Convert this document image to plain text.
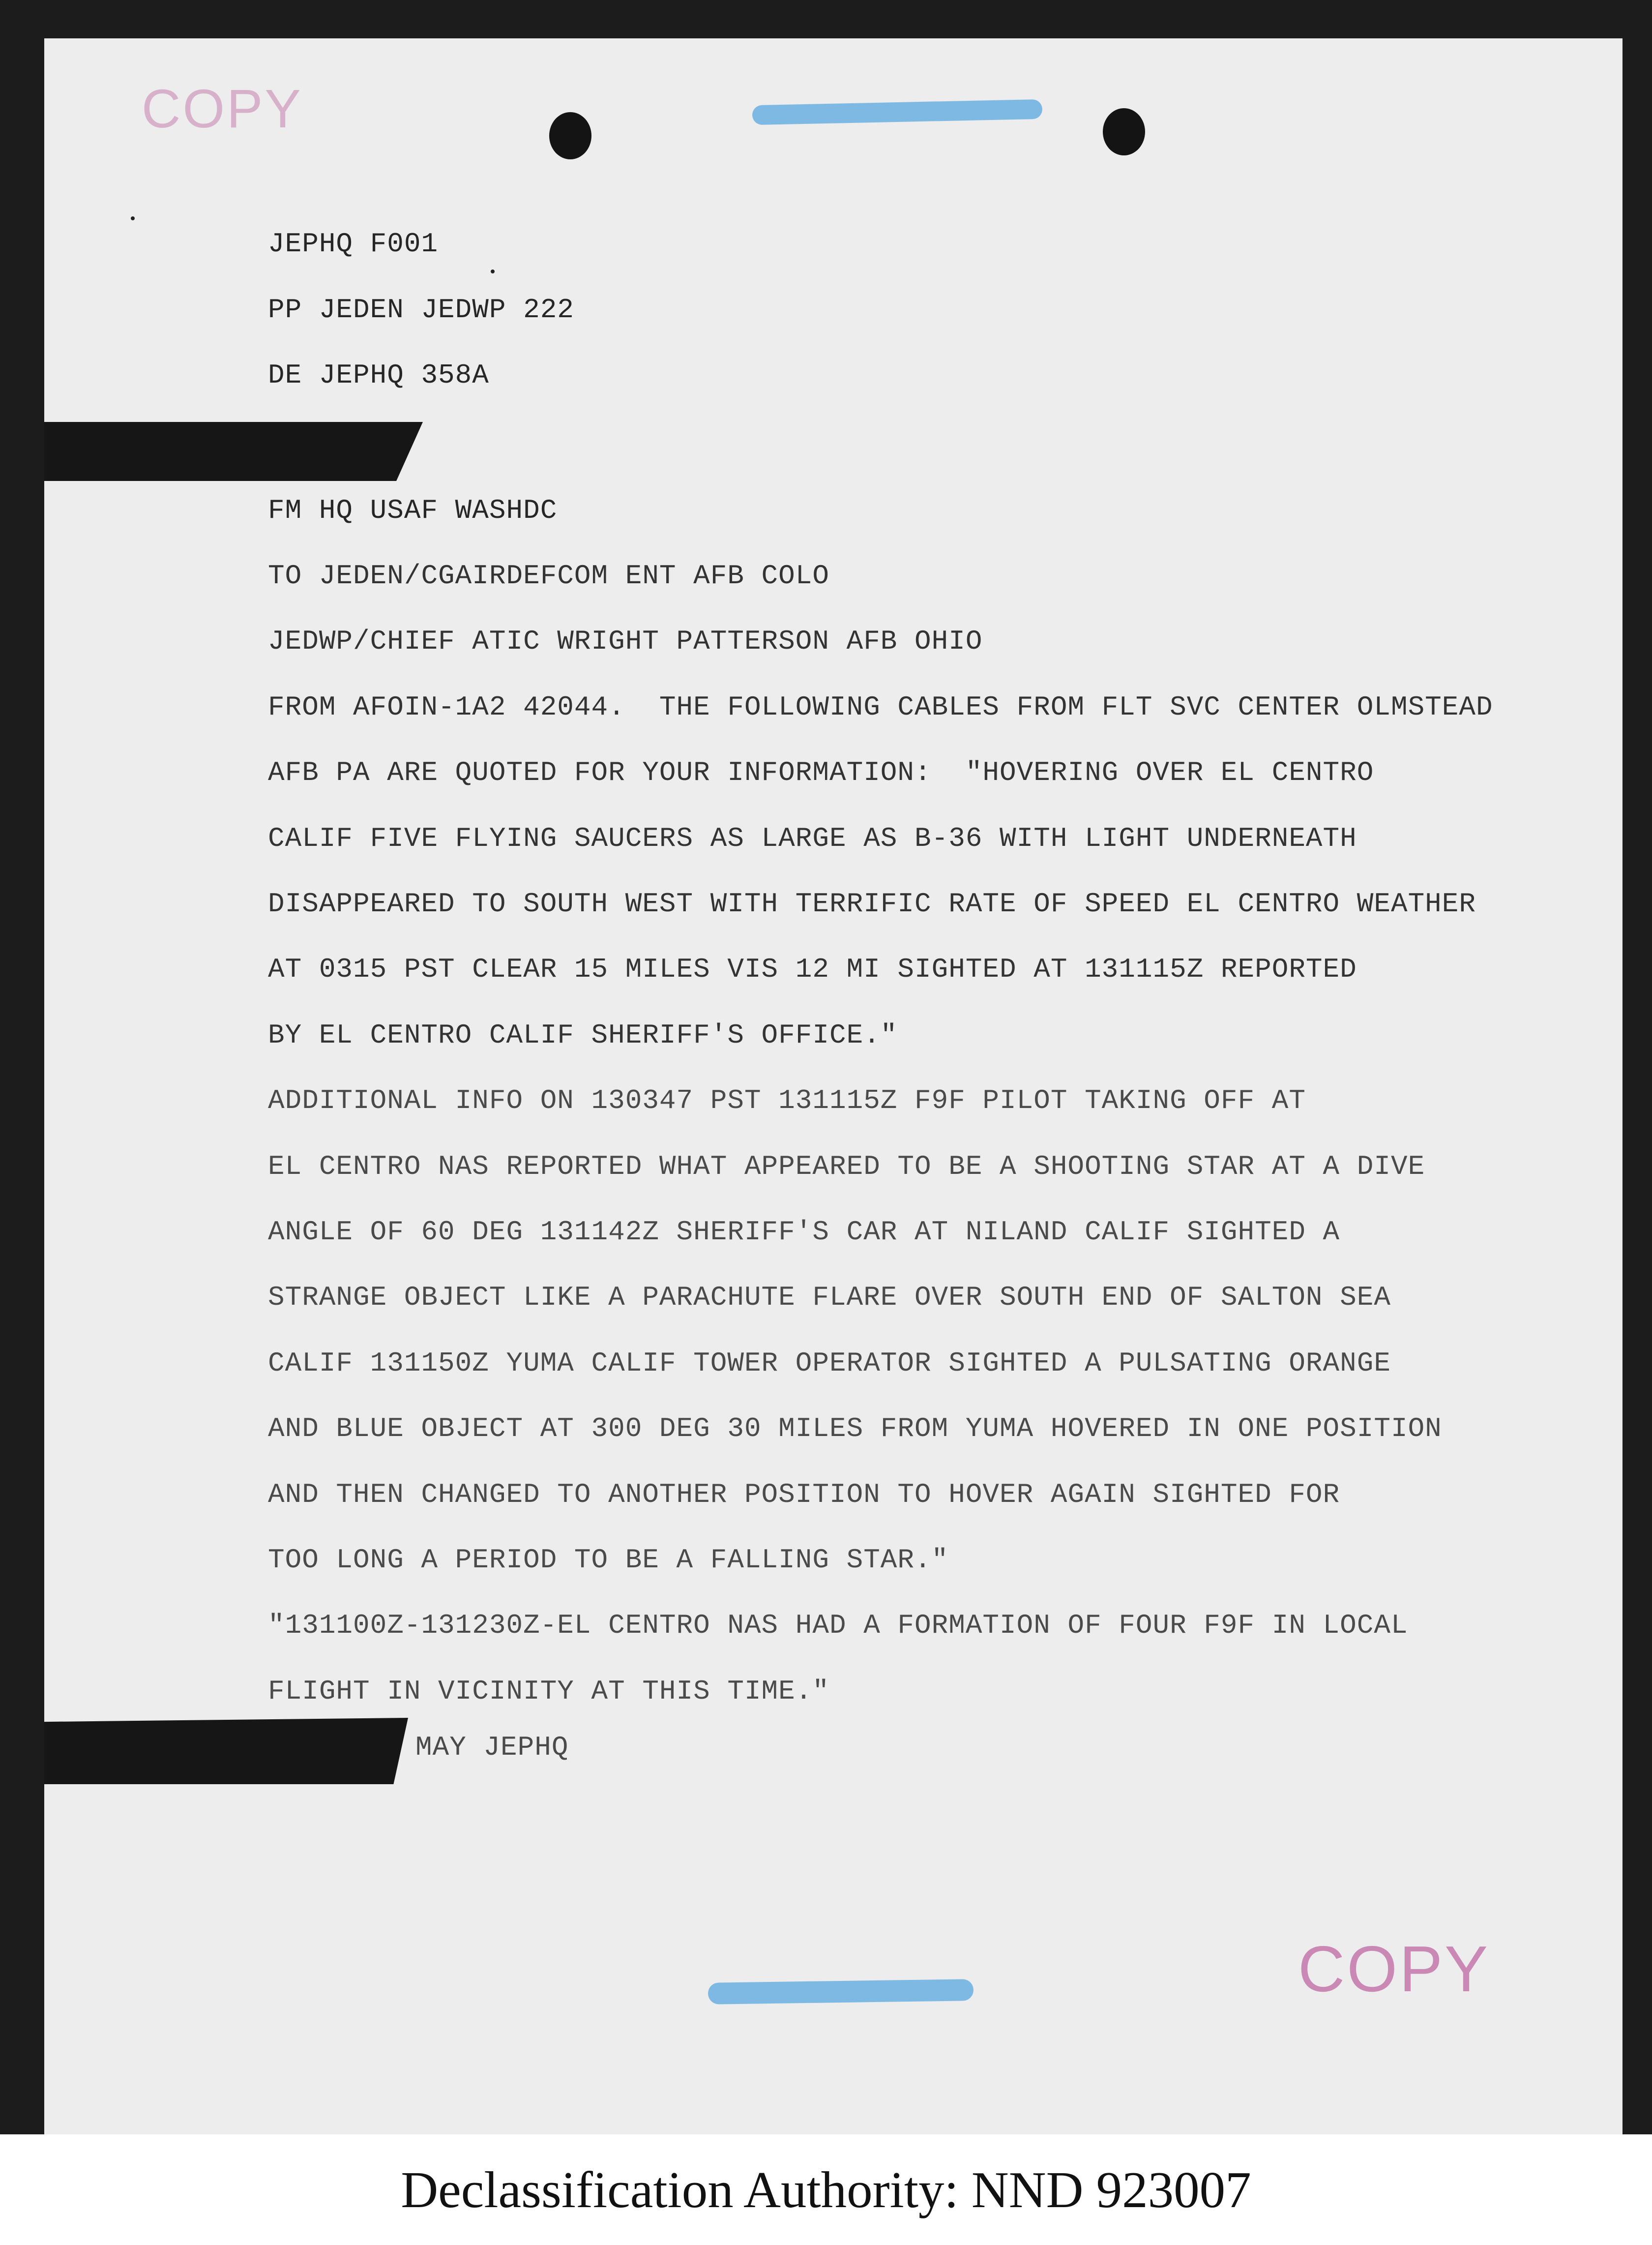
COPY
JEPHQ F001
PP JEDEN JEDWP 222
DE JEPHQ 358A
FM HQ USAF WASHDC
TO JEDEN/CGAIRDEFCOM ENT AFB COLO
JEDWP/CHIEF ATIC WRIGHT PATTERSON AFB OHIO
FROM AFOIN-1A2 42044.  THE FOLLOWING CABLES FROM FLT SVC CENTER OLMSTEAD
AFB PA ARE QUOTED FOR YOUR INFORMATION:  "HOVERING OVER EL CENTRO
CALIF FIVE FLYING SAUCERS AS LARGE AS B-36 WITH LIGHT UNDERNEATH
DISAPPEARED TO SOUTH WEST WITH TERRIFIC RATE OF SPEED EL CENTRO WEATHER
AT 0315 PST CLEAR 15 MILES VIS 12 MI SIGHTED AT 131115Z REPORTED
BY EL CENTRO CALIF SHERIFF'S OFFICE."
ADDITIONAL INFO ON 130347 PST 131115Z F9F PILOT TAKING OFF AT
EL CENTRO NAS REPORTED WHAT APPEARED TO BE A SHOOTING STAR AT A DIVE
ANGLE OF 60 DEG 131142Z SHERIFF'S CAR AT NILAND CALIF SIGHTED A
STRANGE OBJECT LIKE A PARACHUTE FLARE OVER SOUTH END OF SALTON SEA
CALIF 131150Z YUMA CALIF TOWER OPERATOR SIGHTED A PULSATING ORANGE
AND BLUE OBJECT AT 300 DEG 30 MILES FROM YUMA HOVERED IN ONE POSITION
AND THEN CHANGED TO ANOTHER POSITION TO HOVER AGAIN SIGHTED FOR
TOO LONG A PERIOD TO BE A FALLING STAR."
"131100Z-131230Z-EL CENTRO NAS HAD A FORMATION OF FOUR F9F IN LOCAL
FLIGHT IN VICINITY AT THIS TIME."
MAY JEPHQ
COPY
Declassification Authority: NND 923007
